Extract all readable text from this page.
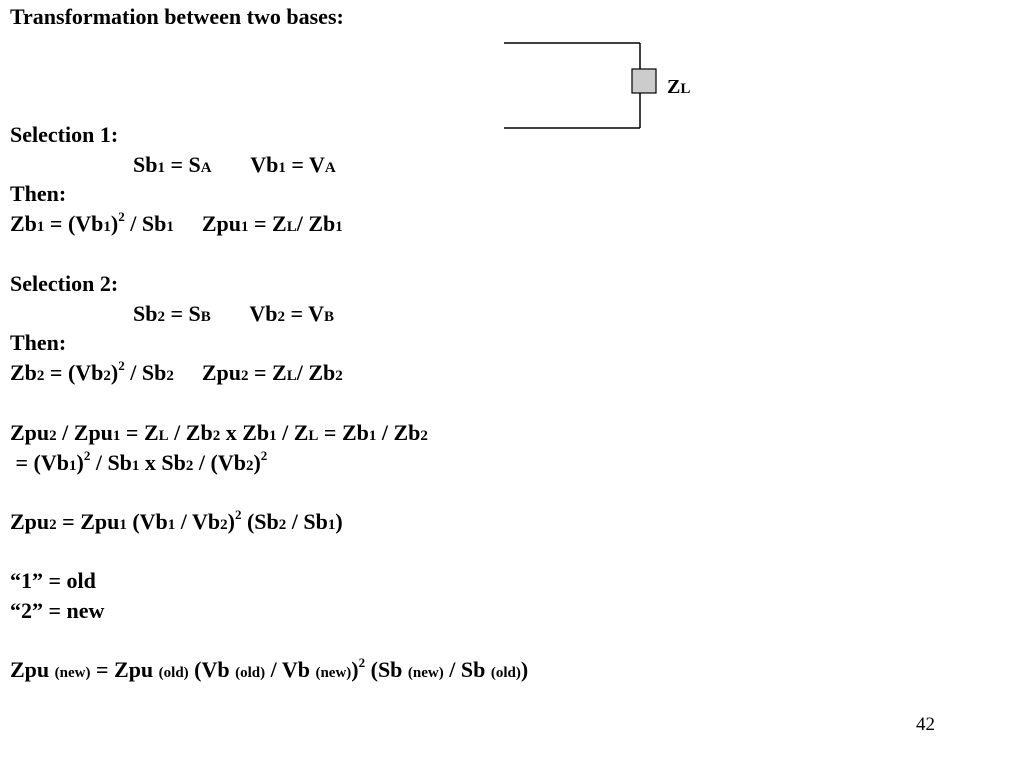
ZL
Transformation between two bases:
Selection 1:
Sb1 = SA Vb1 = VA
Then:
$Zb1 = (Vb1)^2 / Sb1$ Zpu1 = ZL/ Zb1
Selection 2:
Sb2 = SB Vb2 = VB
Then:
$Zb2 = (Vb2)^2 / Sb2$ Zpu2 = ZL/ Zb2
Zpu2 / Zpu1 = ZL / Zb2 x Zb1 / ZL = Zb1 / Zb2
= $(Vb1)^2 / Sb1$ x $Sb2 / (Vb2)^2$
Zpu2 = Zpu1 (Vb1 / Vb2)$^2$ (Sb2 / Sb1)
“1” = old
“2” = new
Zpu (new) = Zpu (old) (Vb (old) / Vb (new))$^2$ (Sb (new) / Sb (old))
42
